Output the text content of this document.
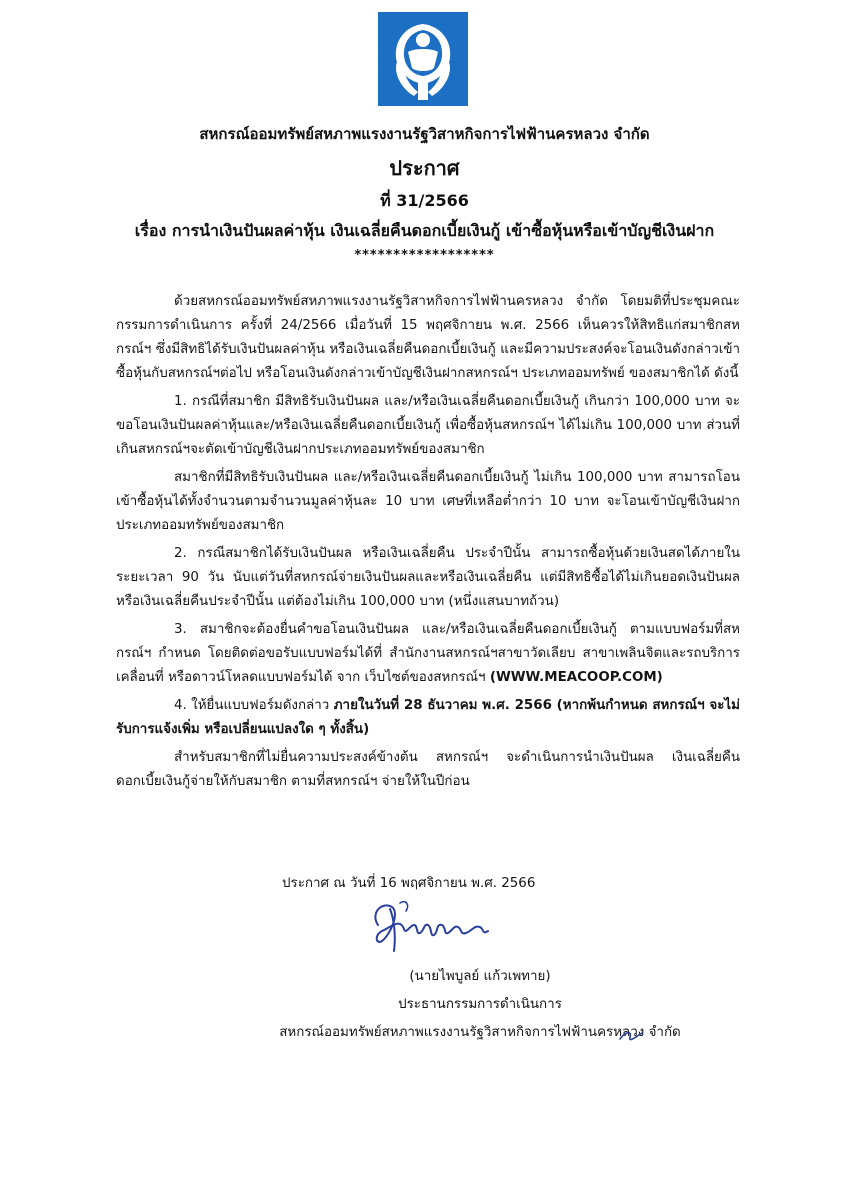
สหกรณ์ออมทรัพย์สหภาพแรงงานรัฐวิสาหกิจการไฟฟ้านครหลวง จำกัด
ประกาศ
ที่ 31/2566
เรื่อง การนำเงินปันผลค่าหุ้น เงินเฉลี่ยคืนดอกเบี้ยเงินกู้ เข้าซื้อหุ้นหรือเข้าบัญชีเงินฝาก
******************

ด้วยสหกรณ์ออมทรัพย์สหภาพแรงงานรัฐวิสาหกิจการไฟฟ้านครหลวง จำกัด โดยมติที่ประชุมคณะกรรมการดำเนินการ ครั้งที่ 24/2566 เมื่อวันที่ 15 พฤศจิกายน พ.ศ. 2566 เห็นควรให้สิทธิแก่สมาชิกสหกรณ์ฯ ซึ่งมีสิทธิได้รับเงินปันผลค่าหุ้น หรือเงินเฉลี่ยคืนดอกเบี้ยเงินกู้ และมีความประสงค์จะโอนเงินดังกล่าวเข้าซื้อหุ้นกับสหกรณ์ฯต่อไป หรือโอนเงินดังกล่าวเข้าบัญชีเงินฝากสหกรณ์ฯ ประเภทออมทรัพย์ ของสมาชิกได้ ดังนี้

1. กรณีที่สมาชิก มีสิทธิรับเงินปันผล และ/หรือเงินเฉลี่ยคืนดอกเบี้ยเงินกู้ เกินกว่า 100,000 บาท จะขอโอนเงินปันผลค่าหุ้นและ/หรือเงินเฉลี่ยคืนดอกเบี้ยเงินกู้ เพื่อซื้อหุ้นสหกรณ์ฯ ได้ไม่เกิน 100,000 บาท ส่วนที่เกินสหกรณ์ฯจะตัดเข้าบัญชีเงินฝากประเภทออมทรัพย์ของสมาชิก

สมาชิกที่มีสิทธิรับเงินปันผล และ/หรือเงินเฉลี่ยคืนดอกเบี้ยเงินกู้ ไม่เกิน 100,000 บาท สามารถโอนเข้าซื้อหุ้นได้ทั้งจำนวนตามจำนวนมูลค่าหุ้นละ 10 บาท เศษที่เหลือต่ำกว่า 10 บาท จะโอนเข้าบัญชีเงินฝากประเภทออมทรัพย์ของสมาชิก

2. กรณีสมาชิกได้รับเงินปันผล หรือเงินเฉลี่ยคืน ประจำปีนั้น สามารถซื้อหุ้นด้วยเงินสดได้ภายในระยะเวลา 90 วัน นับแต่วันที่สหกรณ์จ่ายเงินปันผลและหรือเงินเฉลี่ยคืน แต่มีสิทธิซื้อได้ไม่เกินยอดเงินปันผลหรือเงินเฉลี่ยคืนประจำปีนั้น แต่ต้องไม่เกิน 100,000 บาท (หนึ่งแสนบาทถ้วน)

3. สมาชิกจะต้องยื่นคำขอโอนเงินปันผล และ/หรือเงินเฉลี่ยคืนดอกเบี้ยเงินกู้ ตามแบบฟอร์มที่สหกรณ์ฯ กำหนด โดยติดต่อขอรับแบบฟอร์มได้ที่ สำนักงานสหกรณ์ฯสาขาวัดเลียบ สาขาเพลินจิตและรถบริการเคลื่อนที่ หรือดาวน์โหลดแบบฟอร์มได้ จาก เว็บไซต์ของสหกรณ์ฯ (WWW.MEACOOP.COM)

4. ให้ยื่นแบบฟอร์มดังกล่าว ภายในวันที่ 28 ธันวาคม พ.ศ. 2566 (หากพ้นกำหนด สหกรณ์ฯ จะไม่รับการแจ้งเพิ่ม หรือเปลี่ยนแปลงใด ๆ ทั้งสิ้น)

สำหรับสมาชิกที่ไม่ยื่นความประสงค์ข้างต้น สหกรณ์ฯ จะดำเนินการนำเงินปันผล เงินเฉลี่ยคืนดอกเบี้ยเงินกู้จ่ายให้กับสมาชิก ตามที่สหกรณ์ฯ จ่ายให้ในปีก่อน

ประกาศ ณ วันที่ 16 พฤศจิกายน พ.ศ. 2566
(นายไพบูลย์ แก้วเพทาย)
ประธานกรรมการดำเนินการ
สหกรณ์ออมทรัพย์สหภาพแรงงานรัฐวิสาหกิจการไฟฟ้านครหลวง จำกัด
